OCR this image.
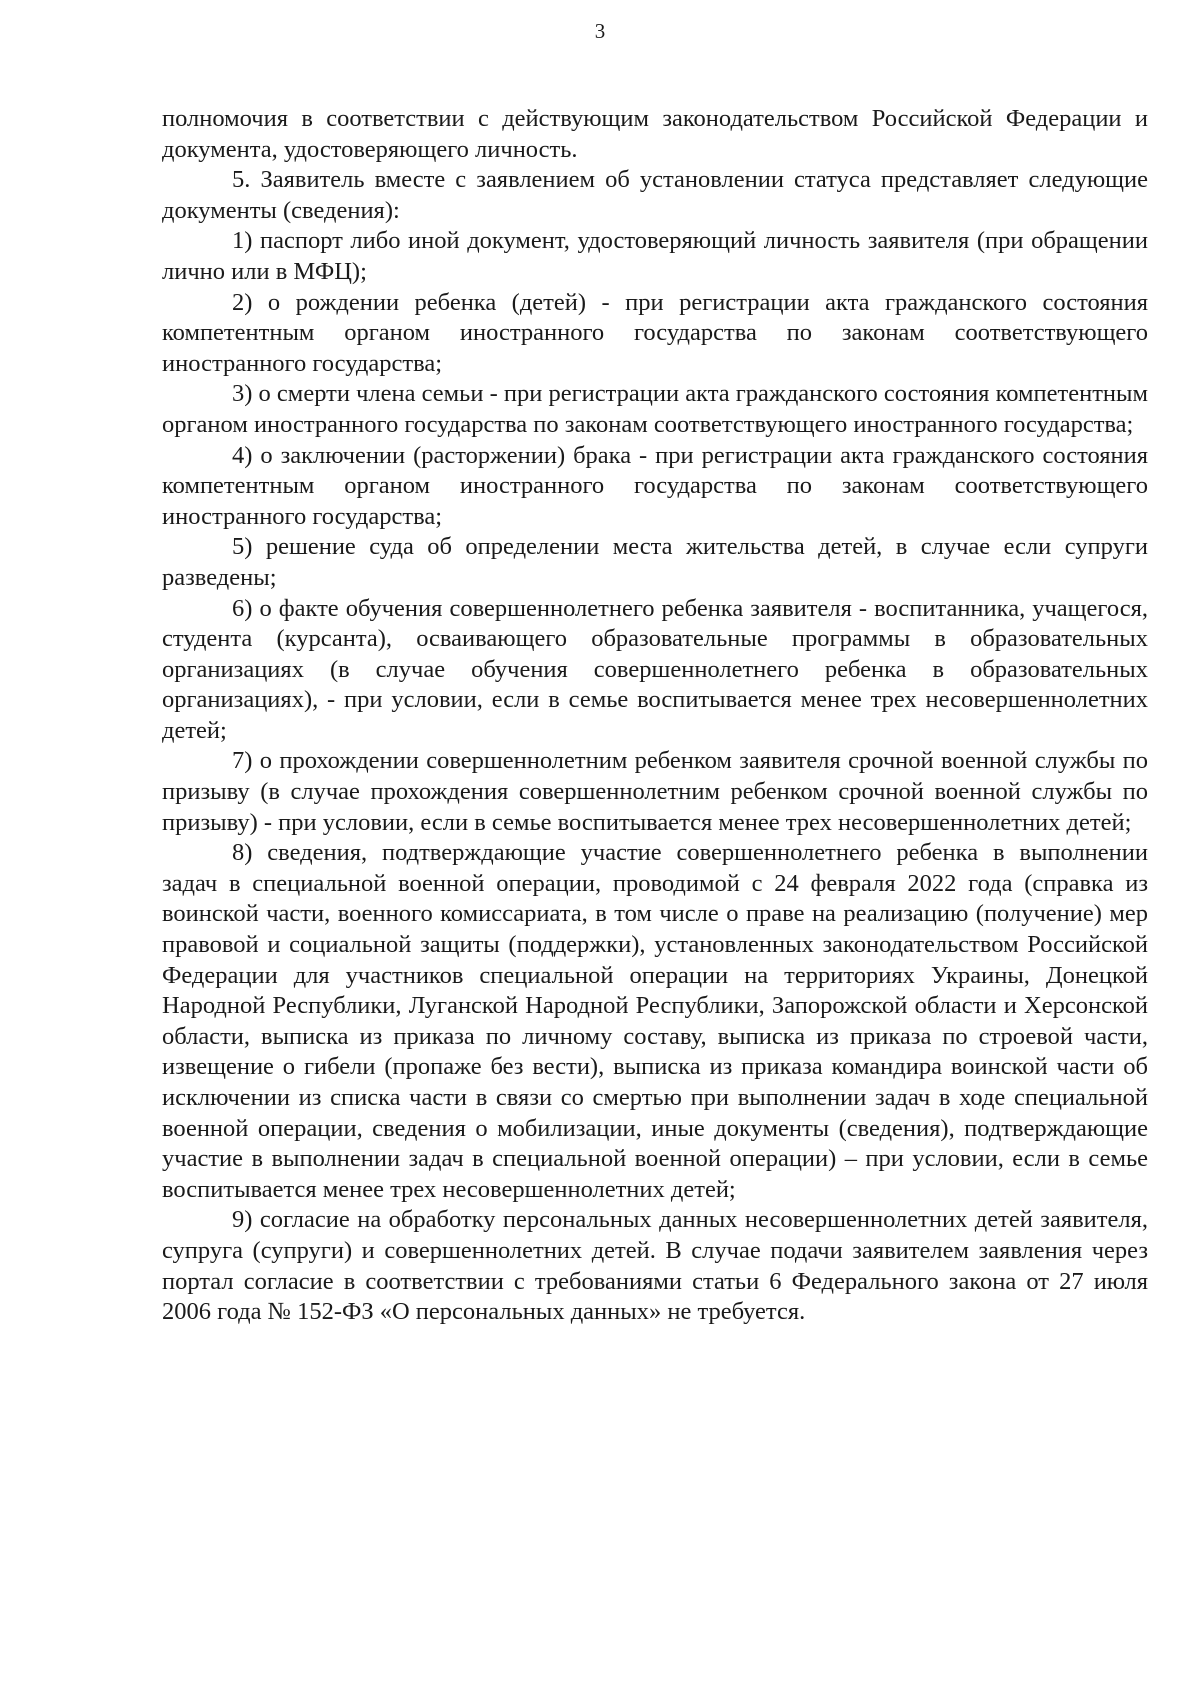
3

полномочия в соответствии с действующим законодательством Российской Федерации и документа, удостоверяющего личность.

5. Заявитель вместе с заявлением об установлении статуса представляет следующие документы (сведения):

1) паспорт либо иной документ, удостоверяющий личность заявителя (при обращении лично или в МФЦ);

2) о рождении ребенка (детей) - при регистрации акта гражданского состояния компетентным органом иностранного государства по законам соответствующего иностранного государства;

3) о смерти члена семьи - при регистрации акта гражданского состояния компетентным органом иностранного государства по законам соответствующего иностранного государства;

4) о заключении (расторжении) брака - при регистрации акта гражданского состояния компетентным органом иностранного государства по законам соответствующего иностранного государства;

5) решение суда об определении места жительства детей, в случае если супруги разведены;

6) о факте обучения совершеннолетнего ребенка заявителя - воспитанника, учащегося, студента (курсанта), осваивающего образовательные программы в образовательных организациях (в случае обучения совершеннолетнего ребенка в образовательных организациях), - при условии, если в семье воспитывается менее трех несовершеннолетних детей;

7) о прохождении совершеннолетним ребенком заявителя срочной военной службы по призыву (в случае прохождения совершеннолетним ребенком срочной военной службы по призыву) - при условии, если в семье воспитывается менее трех несовершеннолетних детей;

8) сведения, подтверждающие участие совершеннолетнего ребенка в выполнении задач в специальной военной операции, проводимой с 24 февраля 2022 года (справка из воинской части, военного комиссариата, в том числе о праве на реализацию (получение) мер правовой и социальной защиты (поддержки), установленных законодательством Российской Федерации для участников специальной операции на территориях Украины, Донецкой Народной Республики, Луганской Народной Республики, Запорожской области и Херсонской области, выписка из приказа по личному составу, выписка из приказа по строевой части, извещение о гибели (пропаже без вести), выписка из приказа командира воинской части об исключении из списка части в связи со смертью при выполнении задач в ходе специальной военной операции, сведения о мобилизации, иные документы (сведения), подтверждающие участие в выполнении задач в специальной военной операции) – при условии, если в семье воспитывается менее трех несовершеннолетних детей;

9) согласие на обработку персональных данных несовершеннолетних детей заявителя, супруга (супруги) и совершеннолетних детей. В случае подачи заявителем заявления через портал согласие в соответствии с требованиями статьи 6 Федерального закона от 27 июля 2006 года № 152-ФЗ «О персональных данных» не требуется.
